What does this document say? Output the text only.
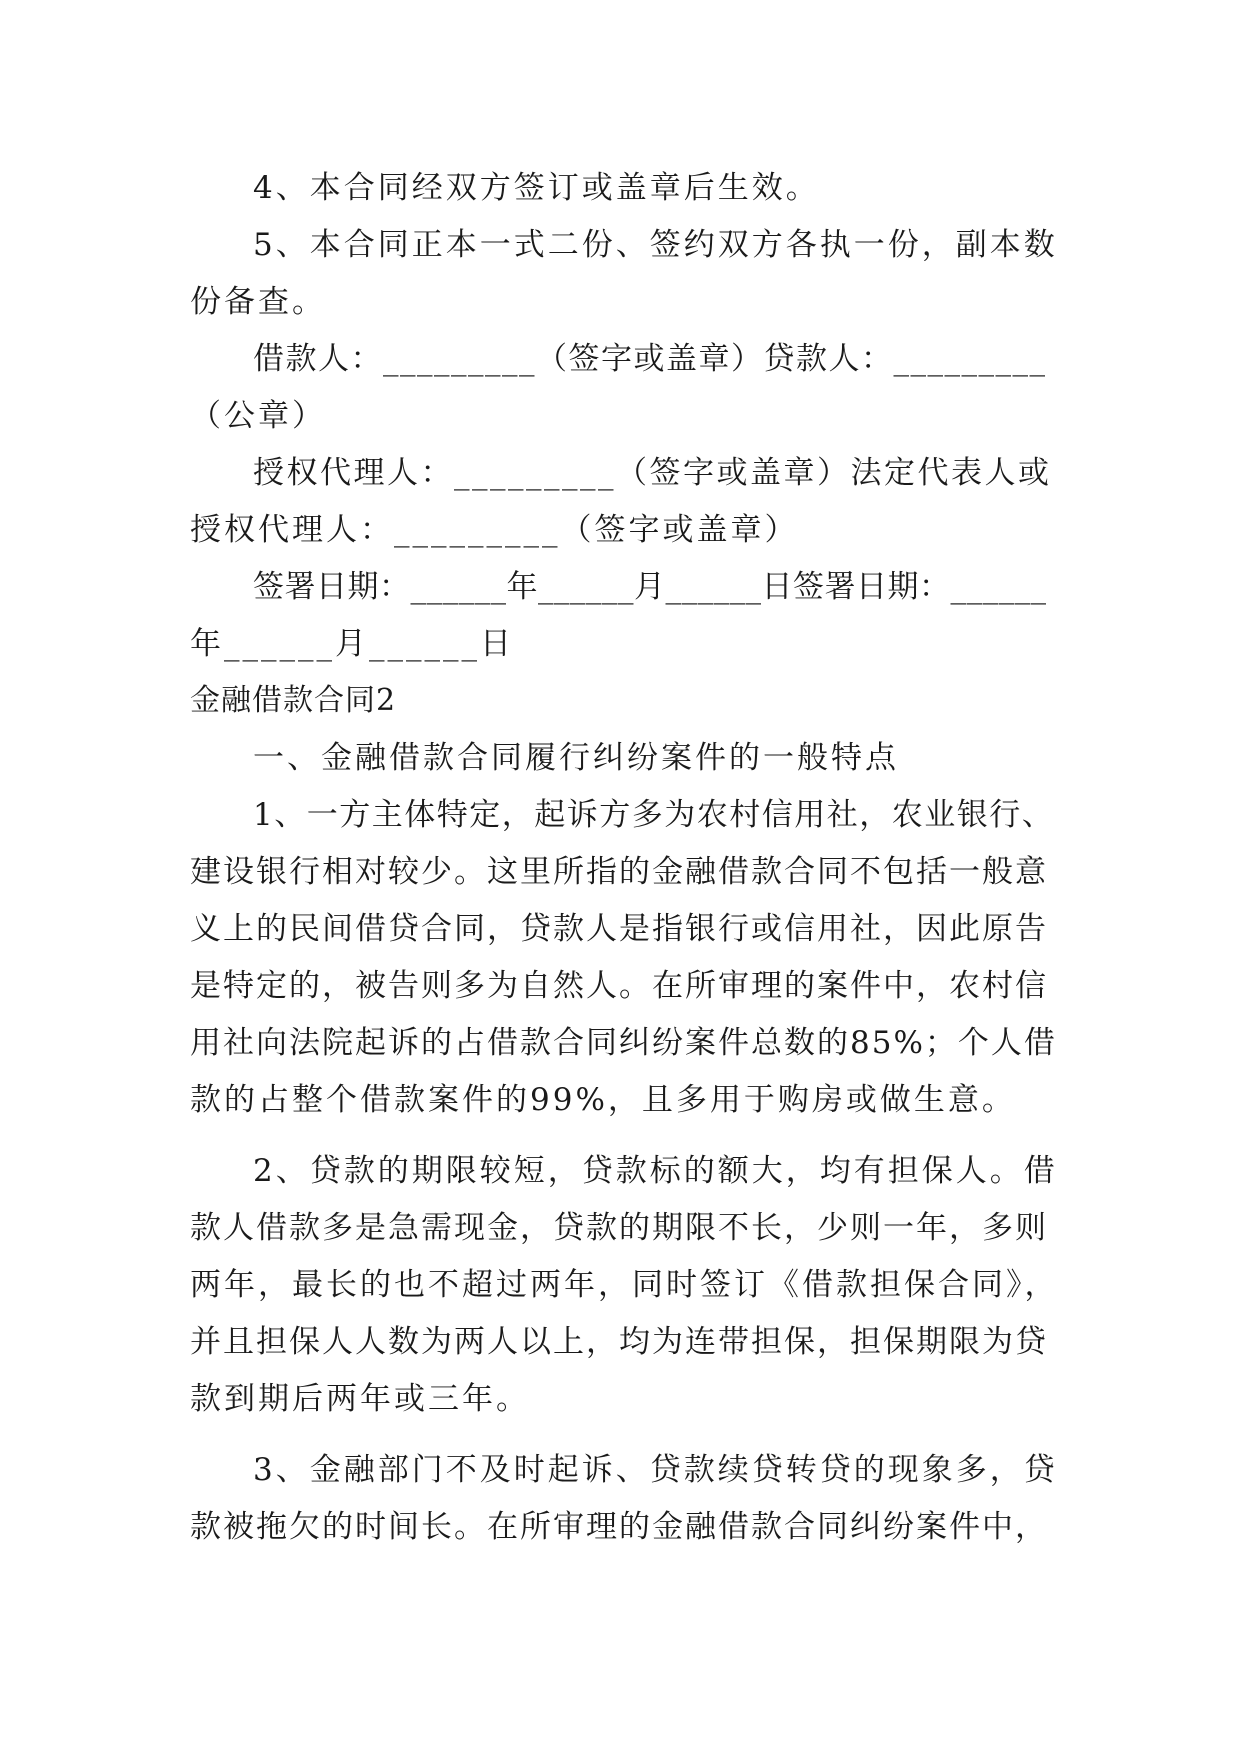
4、本合同经双方签订或盖章后生效。
5、本合同正本一式二份、签约双方各执一份，副本数
份备查。
借款人：_________（签字或盖章）贷款人：_________
（公章）
授权代理人：_________（签字或盖章）法定代表人或
授权代理人：_________（签字或盖章）
签署日期：______年______月______日签署日期：______
年______月______日
金融借款合同2
一、金融借款合同履行纠纷案件的一般特点
1、一方主体特定，起诉方多为农村信用社，农业银行、
建设银行相对较少。这里所指的金融借款合同不包括一般意
义上的民间借贷合同，贷款人是指银行或信用社，因此原告
是特定的，被告则多为自然人。在所审理的案件中，农村信
用社向法院起诉的占借款合同纠纷案件总数的85%；个人借
款的占整个借款案件的99%，且多用于购房或做生意。
2、贷款的期限较短，贷款标的额大，均有担保人。借
款人借款多是急需现金，贷款的期限不长，少则一年，多则
两年，最长的也不超过两年，同时签订《借款担保合同》，
并且担保人人数为两人以上，均为连带担保，担保期限为贷
款到期后两年或三年。
3、金融部门不及时起诉、贷款续贷转贷的现象多，贷
款被拖欠的时间长。在所审理的金融借款合同纠纷案件中，
